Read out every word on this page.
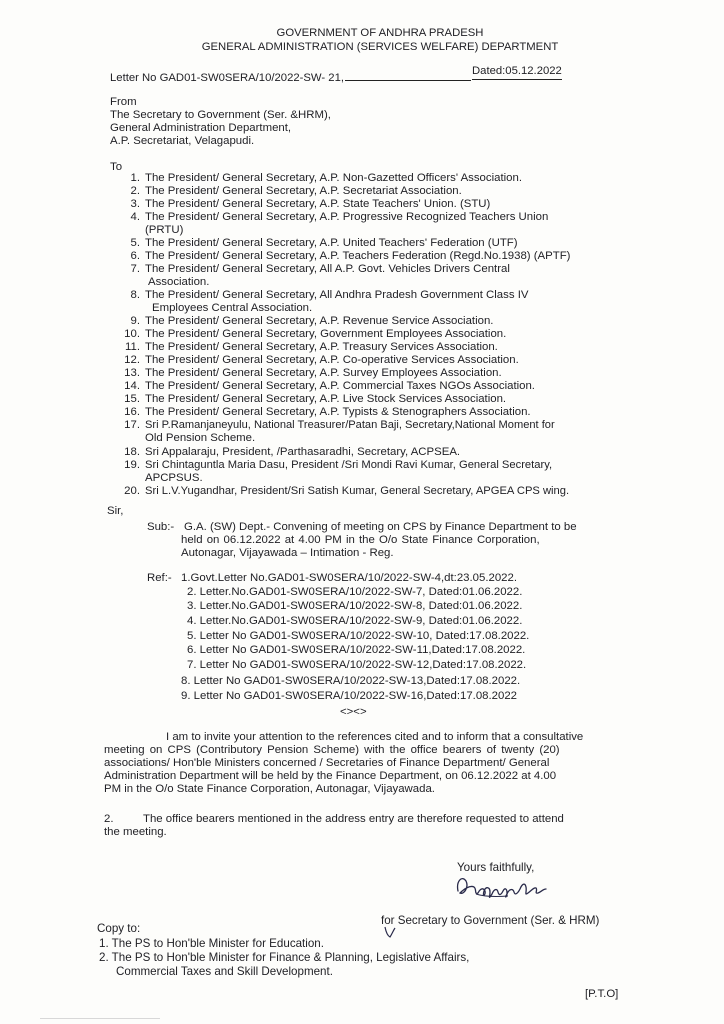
GOVERNMENT OF ANDHRA PRADESH
GENERAL ADMINISTRATION (SERVICES WELFARE) DEPARTMENT
Letter No GAD01-SW0SERA/10/2022-SW- 21,
Dated:05.12.2022
From
The Secretary to Government (Ser. &HRM),
General Administration Department,
A.P. Secretariat, Velagapudi.
To
1. The President/ General Secretary, A.P. Non-Gazetted Officers' Association.
2. The President/ General Secretary, A.P. Secretariat Association.
3. The President/ General Secretary, A.P. State Teachers' Union. (STU)
4. The President/ General Secretary, A.P. Progressive Recognized Teachers Union
(PRTU)
5. The President/ General Secretary, A.P. United Teachers' Federation (UTF)
6. The President/ General Secretary, A.P. Teachers Federation (Regd.No.1938) (APTF)
7. The President/ General Secretary, All A.P. Govt. Vehicles Drivers Central
Association.
8. The President/ General Secretary, All Andhra Pradesh Government Class IV
Employees Central Association.
9. The President/ General Secretary, A.P. Revenue Service Association.
10. The President/ General Secretary, Government Employees Association.
11. The President/ General Secretary, A.P. Treasury Services Association.
12. The President/ General Secretary, A.P. Co-operative Services Association.
13. The President/ General Secretary, A.P. Survey Employees Association.
14. The President/ General Secretary, A.P. Commercial Taxes NGOs Association.
15. The President/ General Secretary, A.P. Live Stock Services Association.
16. The President/ General Secretary, A.P. Typists & Stenographers Association.
17. Sri P.Ramanjaneyulu, National Treasurer/Patan Baji, Secretary,National Moment for
Old Pension Scheme.
18. Sri Appalaraju, President, /Parthasaradhi, Secretary, ACPSEA.
19. Sri Chintaguntla Maria Dasu, President /Sri Mondi Ravi Kumar, General Secretary,
APCPSUS.
20. Sri L.V.Yugandhar, President/Sri Satish Kumar, General Secretary, APGEA CPS wing.
Sir,
Sub:- G.A. (SW) Dept.- Convening of meeting on CPS by Finance Department to be
held on 06.12.2022 at 4.00 PM in the O/o State Finance Corporation,
Autonagar, Vijayawada – Intimation - Reg.
Ref:- 1.Govt.Letter No.GAD01-SW0SERA/10/2022-SW-4,dt:23.05.2022.
2. Letter.No.GAD01-SW0SERA/10/2022-SW-7, Dated:01.06.2022.
3. Letter.No.GAD01-SW0SERA/10/2022-SW-8, Dated:01.06.2022.
4. Letter.No.GAD01-SW0SERA/10/2022-SW-9, Dated:01.06.2022.
5. Letter No GAD01-SW0SERA/10/2022-SW-10, Dated:17.08.2022.
6. Letter No GAD01-SW0SERA/10/2022-SW-11,Dated:17.08.2022.
7. Letter No GAD01-SW0SERA/10/2022-SW-12,Dated:17.08.2022.
8. Letter No GAD01-SW0SERA/10/2022-SW-13,Dated:17.08.2022.
9. Letter No GAD01-SW0SERA/10/2022-SW-16,Dated:17.08.2022
<><>
I am to invite your attention to the references cited and to inform that a consultative
meeting on CPS (Contributory Pension Scheme) with the office bearers of twenty (20)
associations/ Hon'ble Ministers concerned / Secretaries of Finance Department/ General
Administration Department will be held by the Finance Department, on 06.12.2022 at 4.00
PM in the O/o State Finance Corporation, Autonagar, Vijayawada.
2.	The office bearers mentioned in the address entry are therefore requested to attend
the meeting.
Yours faithfully,
for Secretary to Government (Ser. & HRM)
Copy to:
1. The PS to Hon'ble Minister for Education.
2. The PS to Hon'ble Minister for Finance & Planning, Legislative Affairs,
Commercial Taxes and Skill Development.
[P.T.O]
